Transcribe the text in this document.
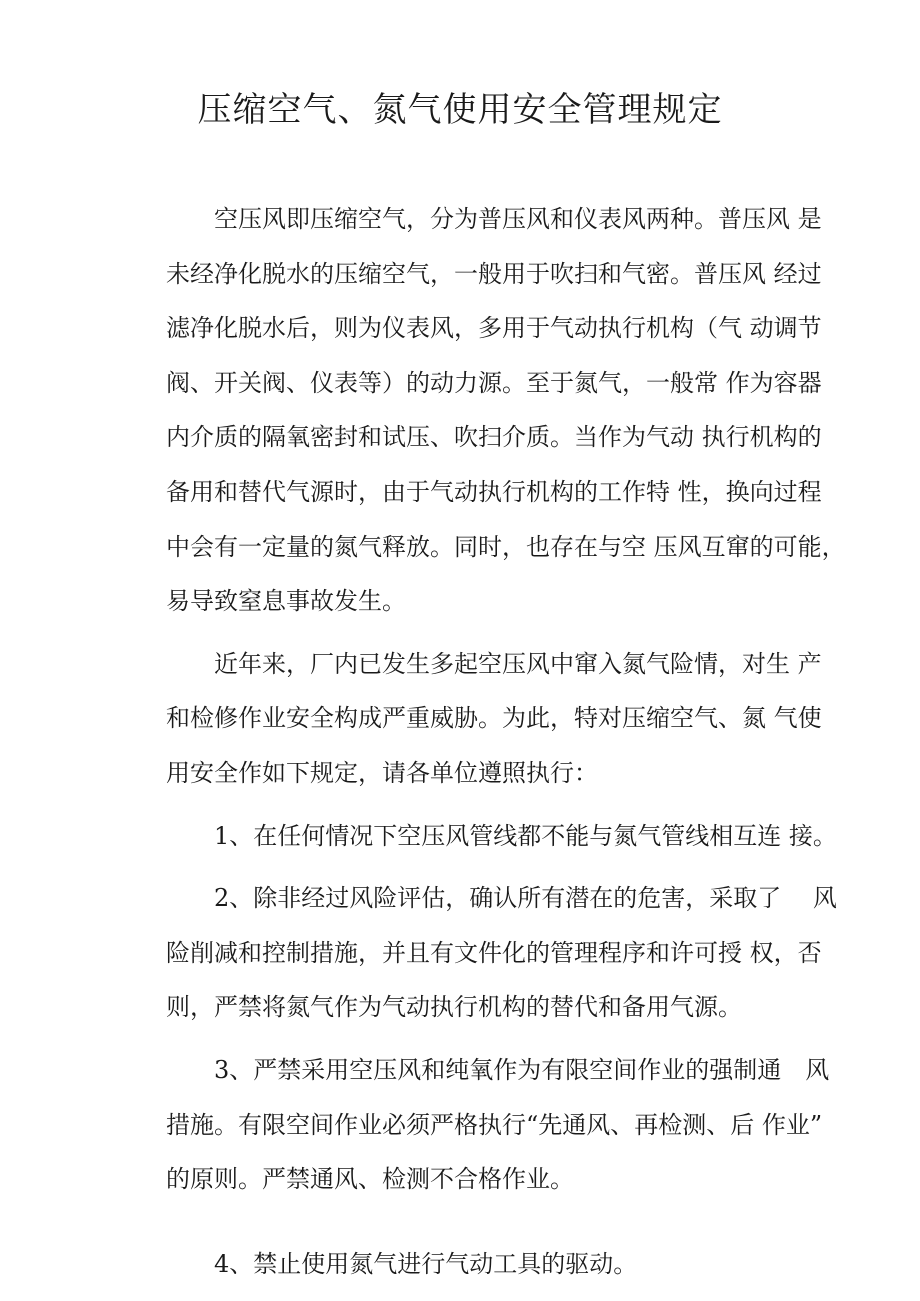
压缩空气、氮气使用安全管理规定
空压风即压缩空气，分为普压风和仪表风两种。普压风 是
未经净化脱水的压缩空气，一般用于吹扫和气密。普压风 经过
滤净化脱水后，则为仪表风，多用于气动执行机构（气 动调节
阀、开关阀、仪表等）的动力源。至于氮气，一般常 作为容器
内介质的隔氧密封和试压、吹扫介质。当作为气动 执行机构的
备用和替代气源时，由于气动执行机构的工作特 性，换向过程
中会有一定量的氮气释放。同时，也存在与空 压风互窜的可能，
易导致窒息事故发生。
近年来，厂内已发生多起空压风中窜入氮气险情，对生 产
和检修作业安全构成严重威胁。为此，特对压缩空气、氮 气使
用安全作如下规定，请各单位遵照执行：
1、在任何情况下空压风管线都不能与氮气管线相互连 接。
2、除非经过风险评估，确认所有潜在的危害，采取了　 风
险削减和控制措施，并且有文件化的管理程序和许可授 权，否
则，严禁将氮气作为气动执行机构的替代和备用气源。
3、严禁采用空压风和纯氧作为有限空间作业的强制通　风
措施。有限空间作业必须严格执行“先通风、再检测、后 作业”
的原则。严禁通风、检测不合格作业。
4、禁止使用氮气进行气动工具的驱动。
